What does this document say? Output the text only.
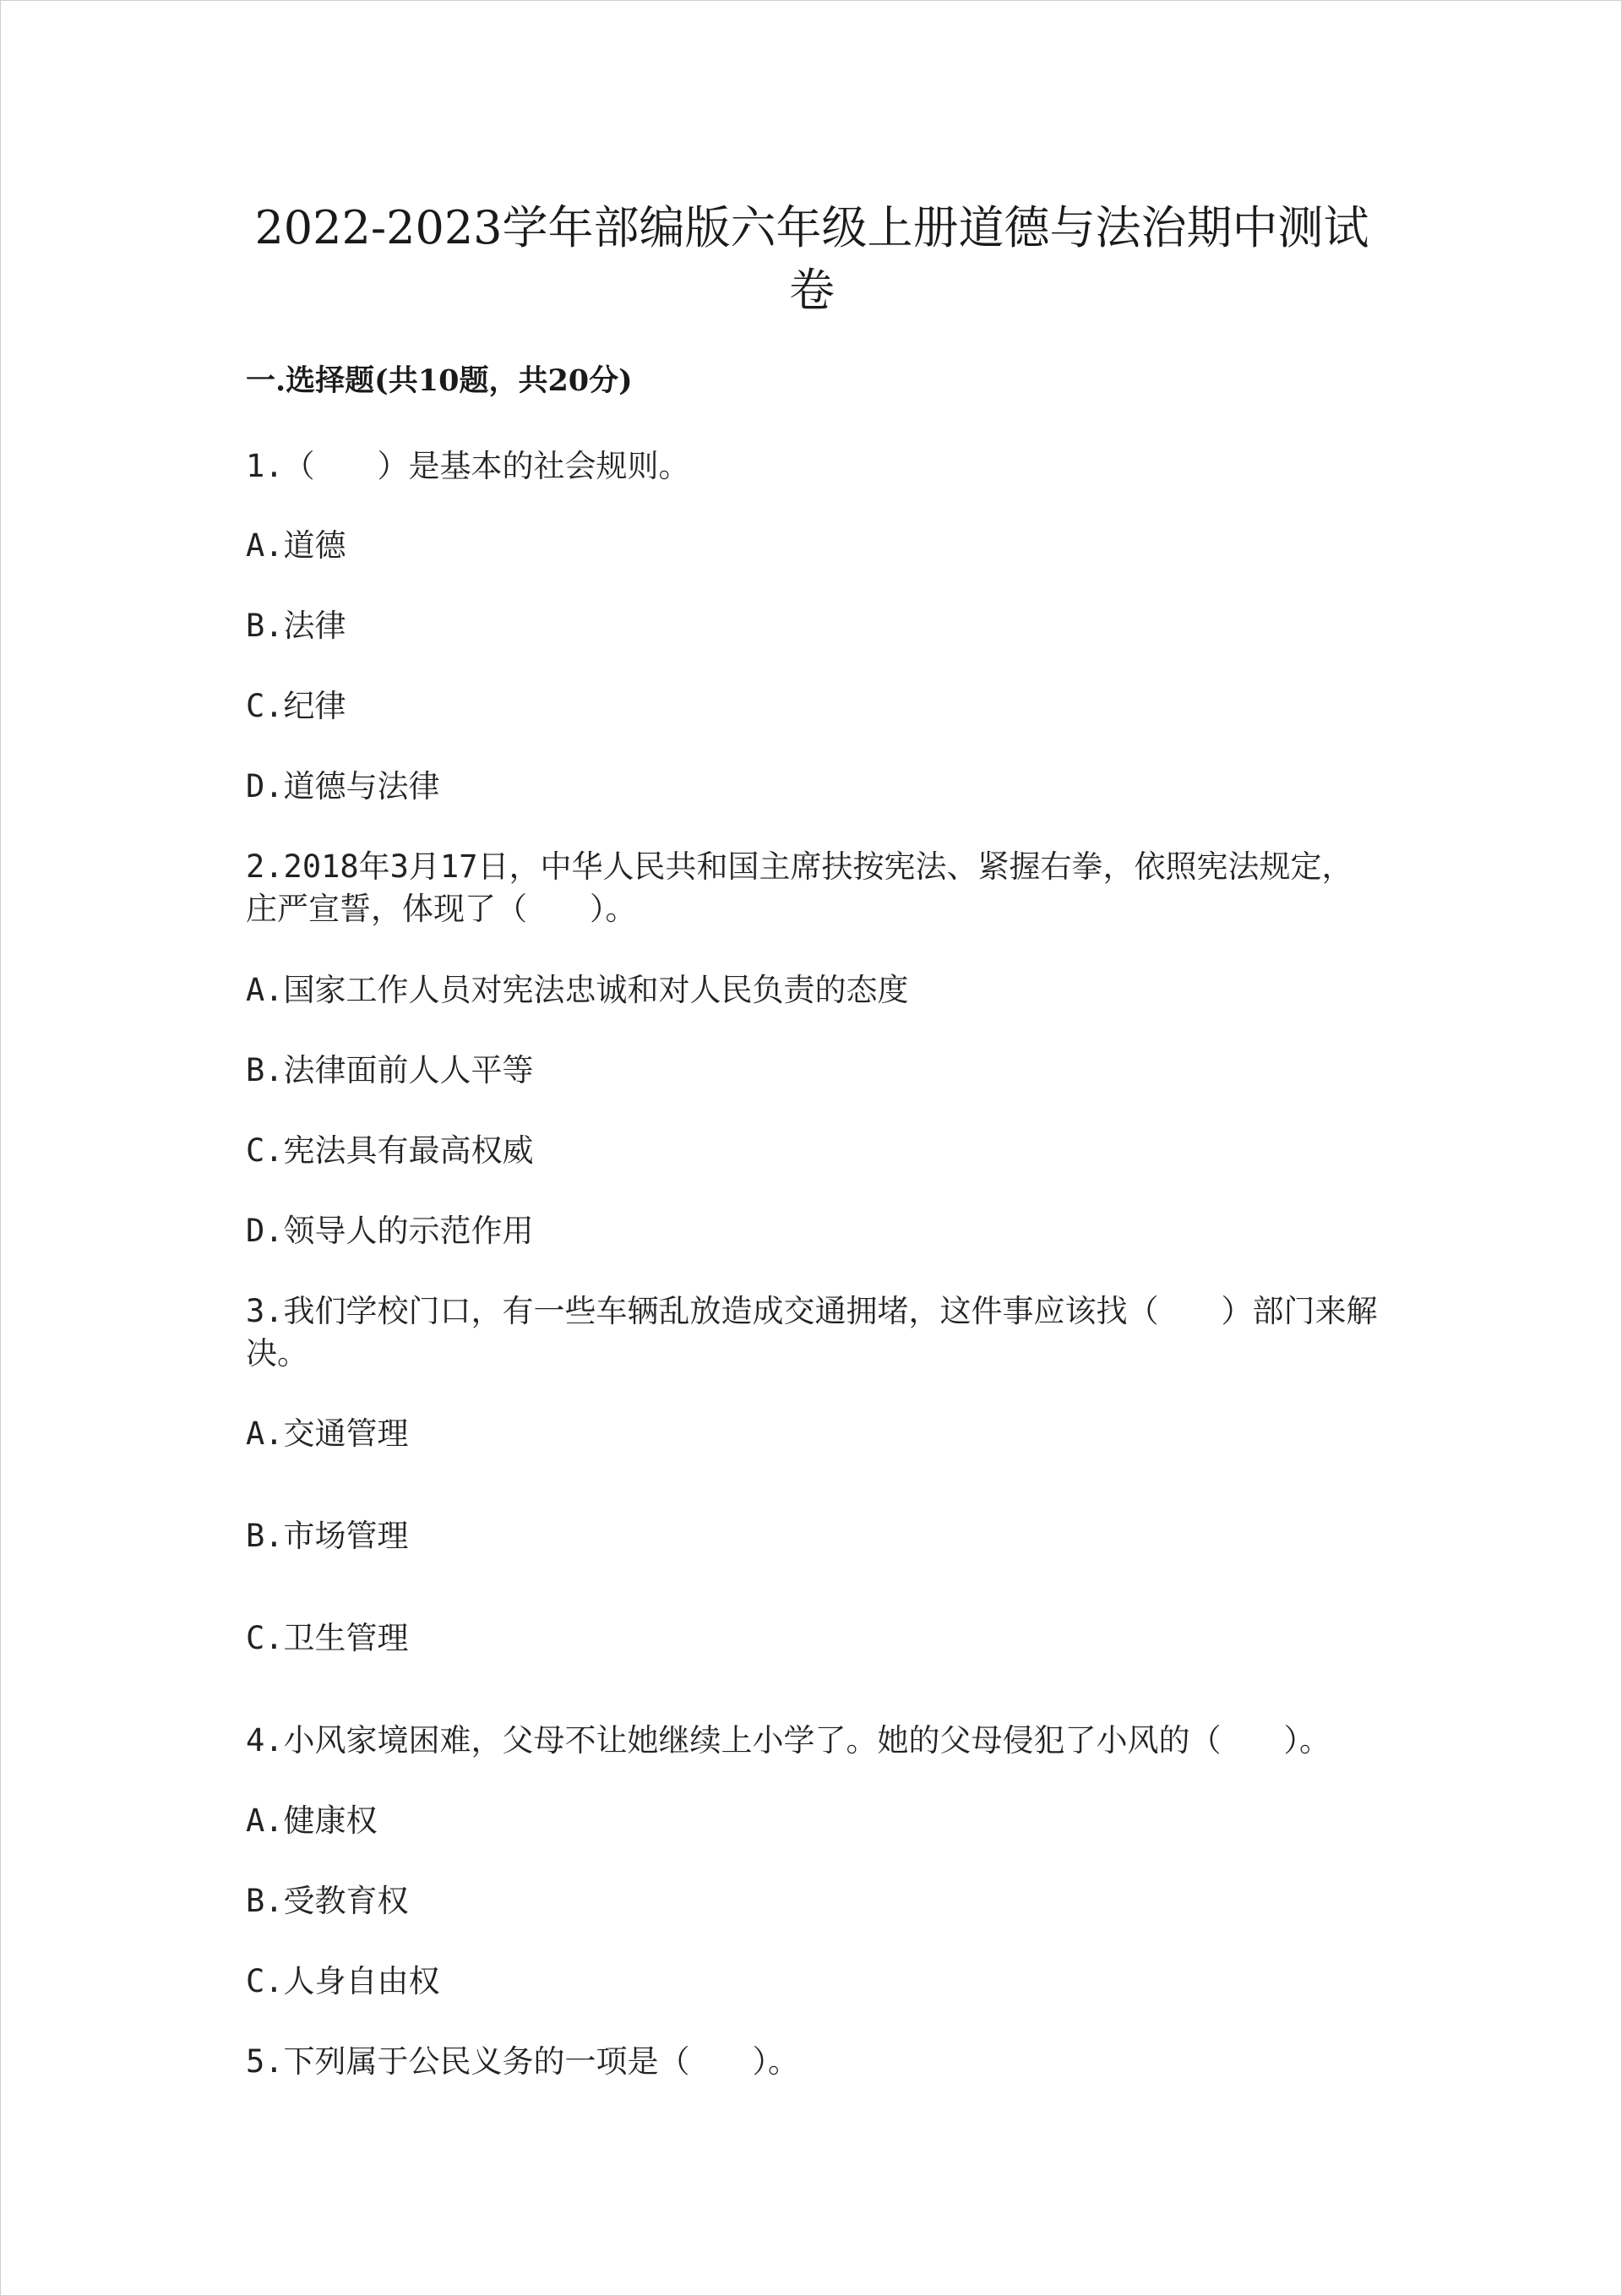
2022-2023学年部编版六年级上册道德与法治期中测试卷
一.选择题(共10题，共20分)
1.（　　）是基本的社会规则。
A.道德
B.法律
C.纪律
D.道德与法律
2.2018年3月17日，中华人民共和国主席扶按宪法、紧握右拳，依照宪法规定，庄严宣誓，体现了（　　）。
A.国家工作人员对宪法忠诚和对人民负责的态度
B.法律面前人人平等
C.宪法具有最高权威
D.领导人的示范作用
3.我们学校门口，有一些车辆乱放造成交通拥堵，这件事应该找（　　）部门来解决。
A.交通管理
B.市场管理
C.卫生管理
4.小风家境困难，父母不让她继续上小学了。她的父母侵犯了小风的（　　）。
A.健康权
B.受教育权
C.人身自由权
5.下列属于公民义务的一项是（　　）。
